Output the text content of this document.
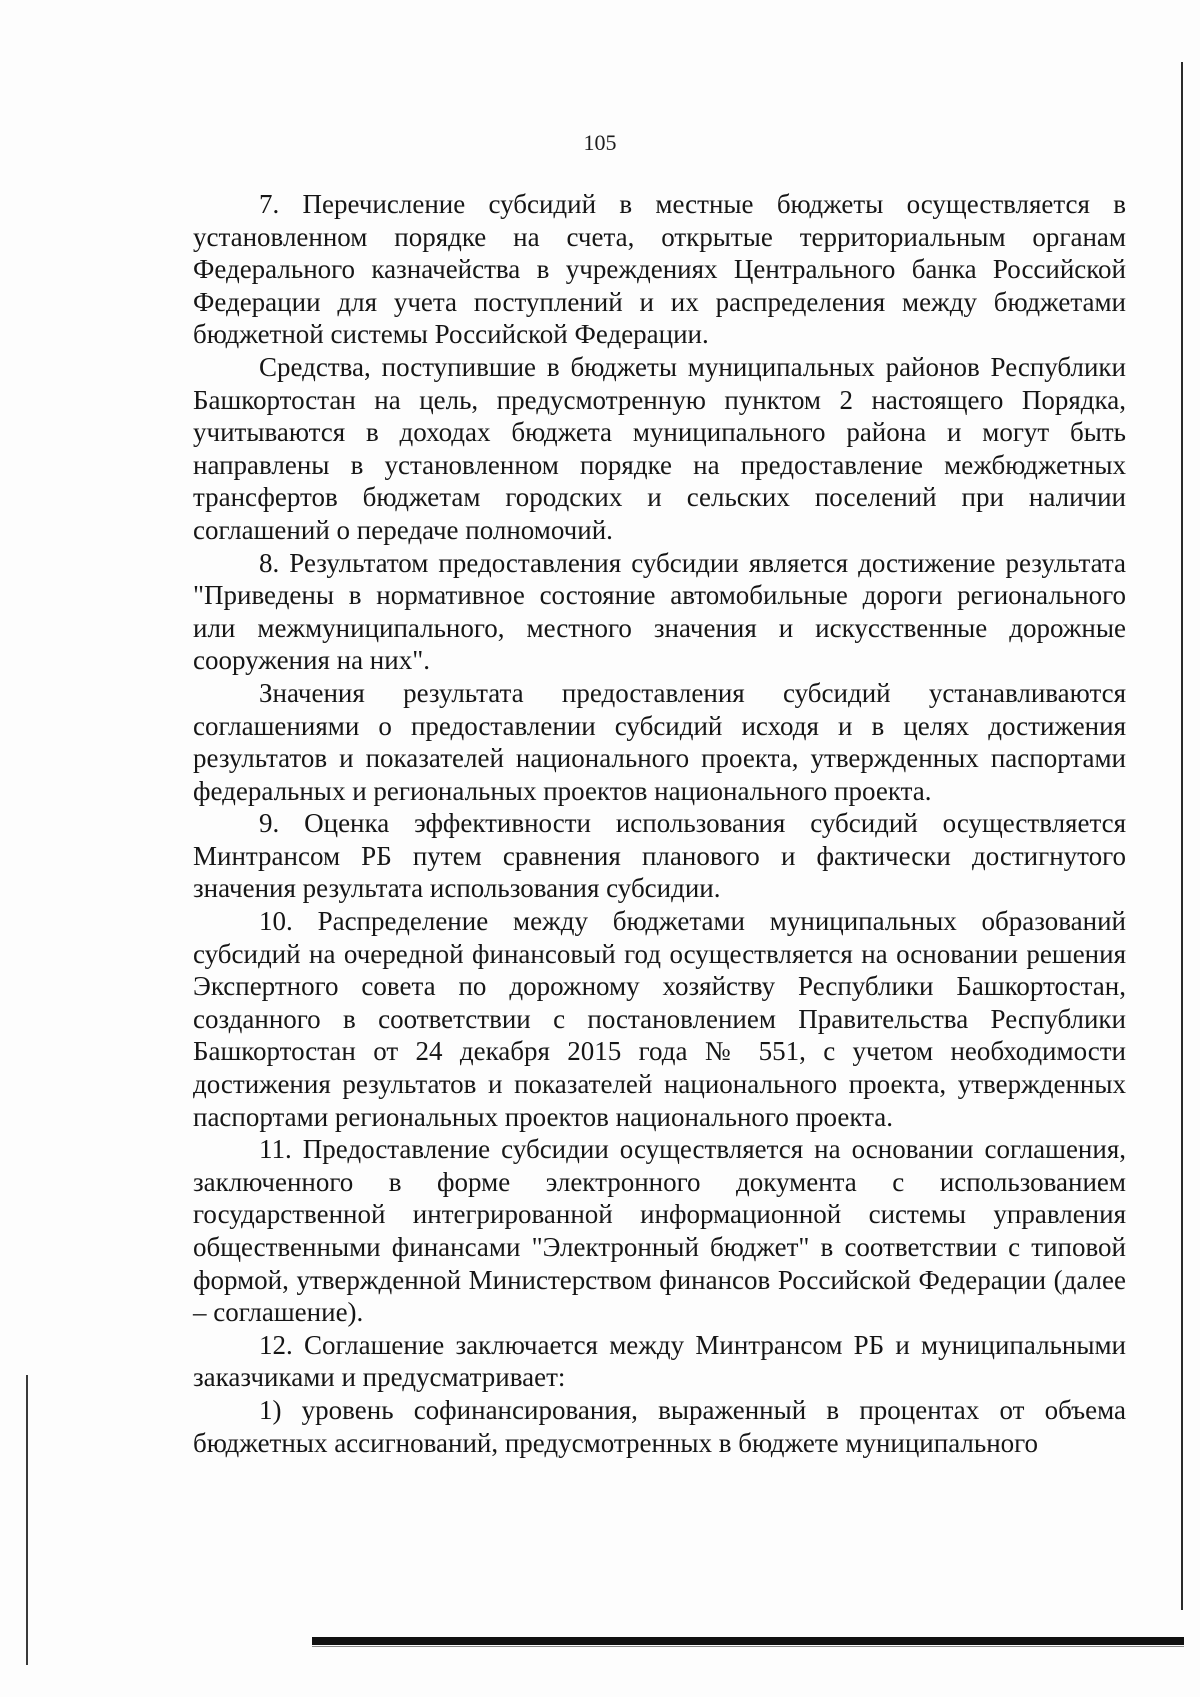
105

7. Перечисление субсидий в местные бюджеты осуществляется в установленном порядке на счета, открытые территориальным органам Федерального казначейства в учреждениях Центрального банка Российской Федерации для учета поступлений и их распределения между бюджетами бюджетной системы Российской Федерации.

Средства, поступившие в бюджеты муниципальных районов Республики Башкортостан на цель, предусмотренную пунктом 2 настоящего Порядка, учитываются в доходах бюджета муниципального района и могут быть направлены в установленном порядке на предоставление межбюджетных трансфертов бюджетам городских и сельских поселений при наличии соглашений о передаче полномочий.

8. Результатом предоставления субсидии является достижение результата "Приведены в нормативное состояние автомобильные дороги регионального или межмуниципального, местного значения и искусственные дорожные сооружения на них".

Значения результата предоставления субсидий устанавливаются соглашениями о предоставлении субсидий исходя и в целях достижения результатов и показателей национального проекта, утвержденных паспортами федеральных и региональных проектов национального проекта.

9. Оценка эффективности использования субсидий осуществляется Минтрансом РБ путем сравнения планового и фактически достигнутого значения результата использования субсидии.

10. Распределение между бюджетами муниципальных образований субсидий на очередной финансовый год осуществляется на основании решения Экспертного совета по дорожному хозяйству Республики Башкортостан, созданного в соответствии с постановлением Правительства Республики Башкортостан от 24 декабря 2015 года № 551, с учетом необходимости достижения результатов и показателей национального проекта, утвержденных паспортами региональных проектов национального проекта.

11. Предоставление субсидии осуществляется на основании соглашения, заключенного в форме электронного документа с использованием государственной интегрированной информационной системы управления общественными финансами "Электронный бюджет" в соответствии с типовой формой, утвержденной Министерством финансов Российской Федерации (далее – соглашение).

12. Соглашение заключается между Минтрансом РБ и муниципальными заказчиками и предусматривает:

1) уровень софинансирования, выраженный в процентах от объема бюджетных ассигнований, предусмотренных в бюджете муниципального
